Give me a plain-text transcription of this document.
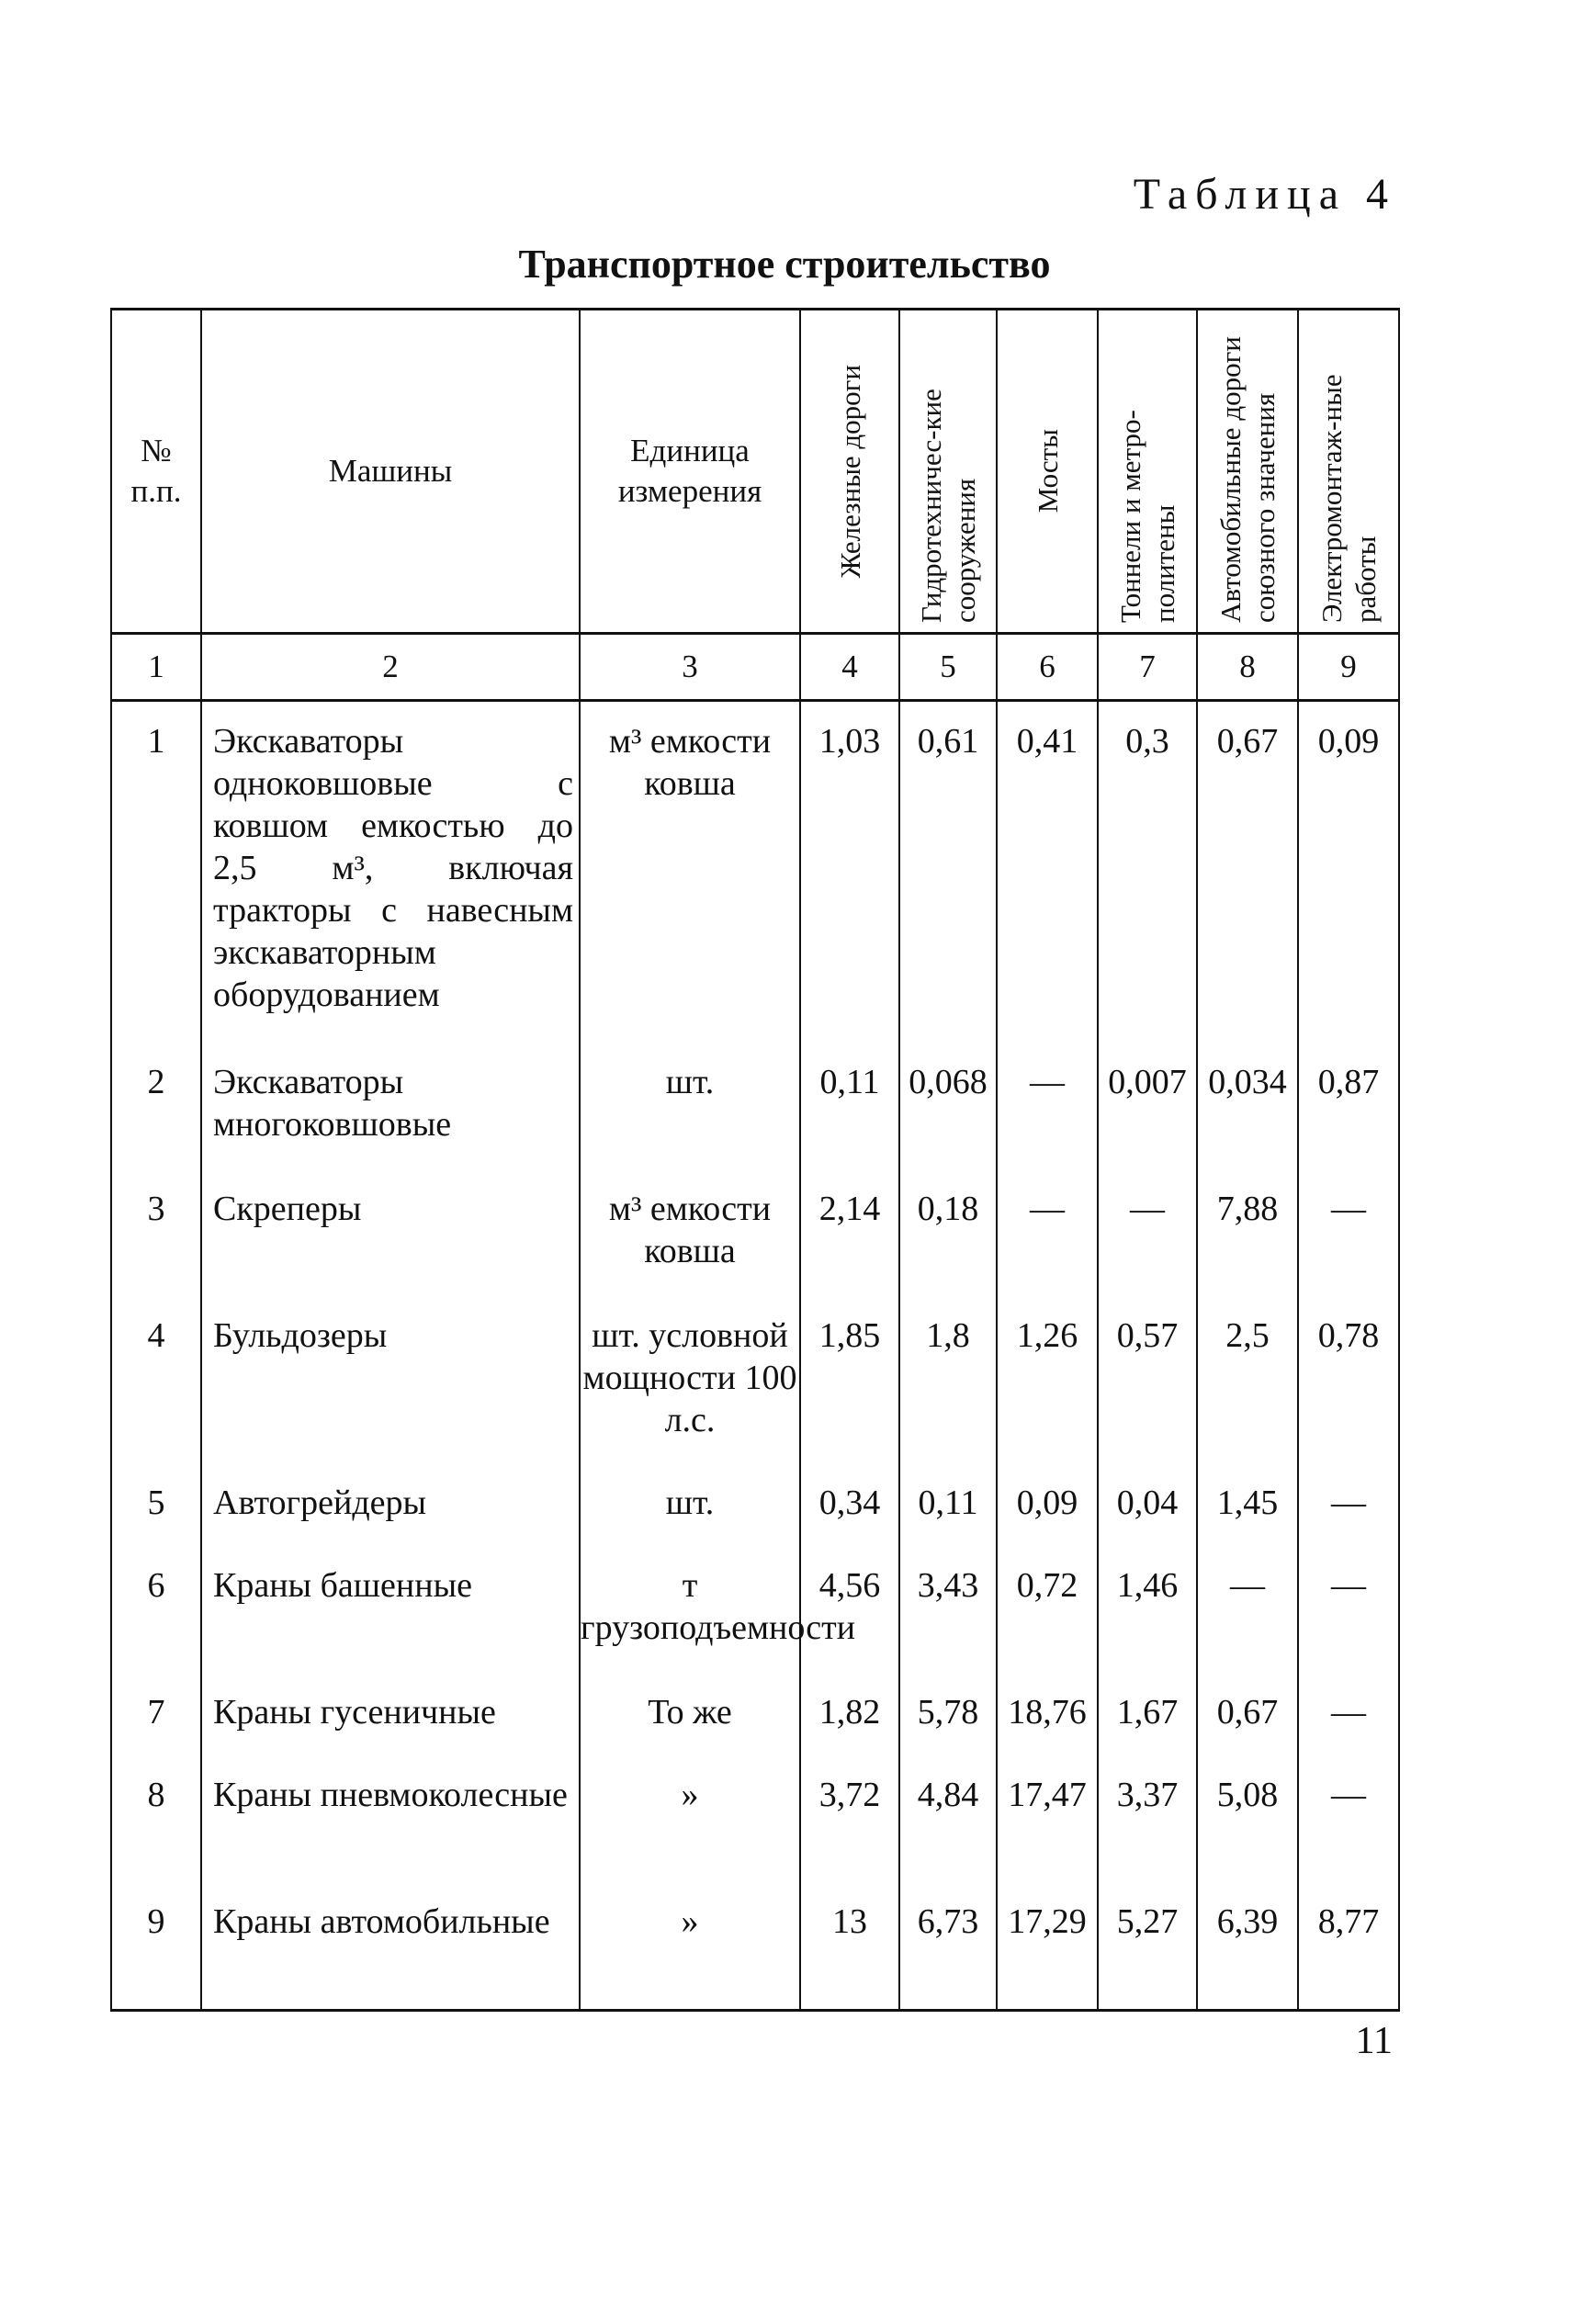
Таблица 4
Транспортное строительство
№ п.п.	Машины	Единица измерения	Железные дороги	Гидротехничес-кие сооружения	Мосты	Тоннели и метро-политены	Автомобильные дороги союзного значения	Электромонтаж-ные работы

1	2	3	4	5	6	7	8	9
1	Экскаваторы одноковшовые с ковшом емкостью до 2,5 м³, включая тракторы с навесным экскаваторным оборудованием	м³ емкости ковша	1,03	0,61	0,41	0,3	0,67	0,09
2	Экскаваторы многоковшовые	шт.	0,11	0,068	—	0,007	0,034	0,87
3	Скреперы	м³ емкости ковша	2,14	0,18	—	—	7,88	—
4	Бульдозеры	шт. условной мощности 100 л.с.	1,85	1,8	1,26	0,57	2,5	0,78
5	Автогрейдеры	шт.	0,34	0,11	0,09	0,04	1,45	—
6	Краны башенные	т грузоподъемности	4,56	3,43	0,72	1,46	—	—
7	Краны гусеничные	То же	1,82	5,78	18,76	1,67	0,67	—
8	Краны пневмоколесные	»	3,72	4,84	17,47	3,37	5,08	—
9	Краны автомобильные	»	13	6,73	17,29	5,27	6,39	8,77
11
